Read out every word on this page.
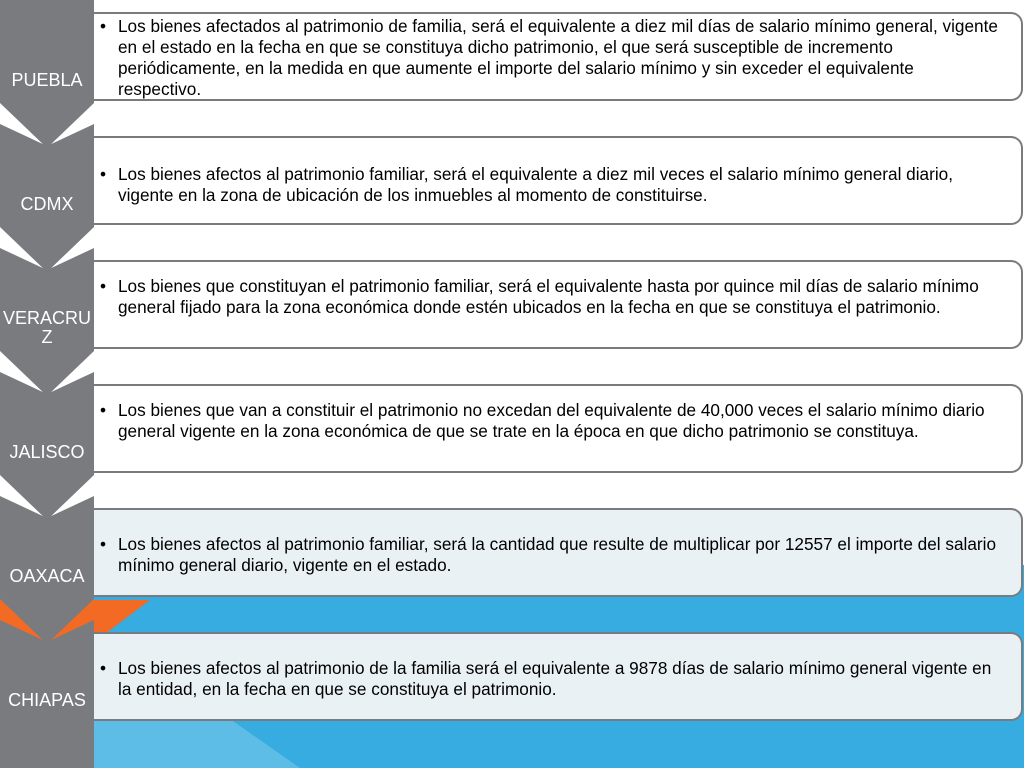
PUEBLA
• Los bienes afectados al patrimonio de familia, será el equivalente a diez mil días de salario mínimo general, vigente en el estado en la fecha en que se constituya dicho patrimonio, el que será susceptible de incremento periódicamente, en la medida en que aumente el importe del salario mínimo y sin exceder el equivalente respectivo.
CDMX
• Los bienes afectos al patrimonio familiar, será el equivalente a diez mil veces el salario mínimo general diario, vigente en la zona de ubicación de los inmuebles al momento de constituirse.
VERACRUZ
• Los bienes que constituyan el patrimonio familiar, será el equivalente hasta por quince mil días de salario mínimo general fijado para la zona económica donde estén ubicados en la fecha en que se constituya el patrimonio.
JALISCO
• Los bienes que van a constituir el patrimonio no excedan del equivalente de 40,000 veces el salario mínimo diario general vigente en la zona económica de que se trate en la época en que dicho patrimonio se constituya.
OAXACA
• Los bienes afectos al patrimonio familiar, será la cantidad que resulte de multiplicar por 12557 el importe del salario mínimo general diario, vigente en el estado.
CHIAPAS
• Los bienes afectos al patrimonio de la familia será el equivalente a 9878 días de salario mínimo general vigente en la entidad, en la fecha en que se constituya el patrimonio.
